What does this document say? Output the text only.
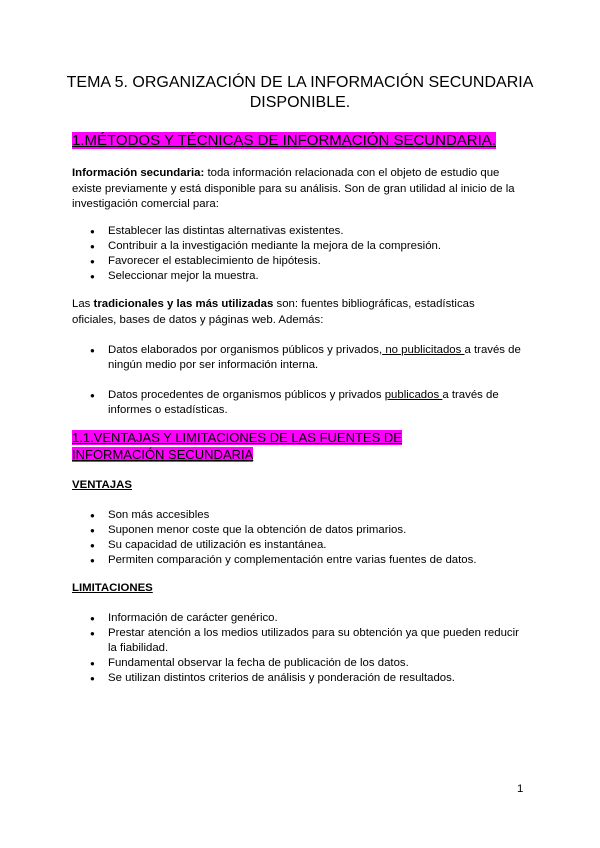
TEMA 5. ORGANIZACIÓN DE LA INFORMACIÓN SECUNDARIA DISPONIBLE.
1.MÉTODOS Y TÉCNICAS DE INFORMACIÓN SECUNDARIA.
Información secundaria: toda información relacionada con el objeto de estudio que existe previamente y está disponible para su análisis. Son de gran utilidad al inicio de la investigación comercial para:
● Establecer las distintas alternativas existentes.
● Contribuir a la investigación mediante la mejora de la compresión.
● Favorecer el establecimiento de hipótesis.
● Seleccionar mejor la muestra.
Las tradicionales y las más utilizadas son: fuentes bibliográficas, estadísticas oficiales, bases de datos y páginas web. Además:
● Datos elaborados por organismos públicos y privados, no publicitados a través de ningún medio por ser información interna.
● Datos procedentes de organismos públicos y privados publicados a través de informes o estadísticas.
1.1.VENTAJAS Y LIMITACIONES DE LAS FUENTES DE INFORMACIÓN SECUNDARIA
VENTAJAS
● Son más accesibles
● Suponen menor coste que la obtención de datos primarios.
● Su capacidad de utilización es instantánea.
● Permiten comparación y complementación entre varias fuentes de datos.
LIMITACIONES
● Información de carácter genérico.
● Prestar atención a los medios utilizados para su obtención ya que pueden reducir la fiabilidad.
● Fundamental observar la fecha de publicación de los datos.
● Se utilizan distintos criterios de análisis y ponderación de resultados.
1
